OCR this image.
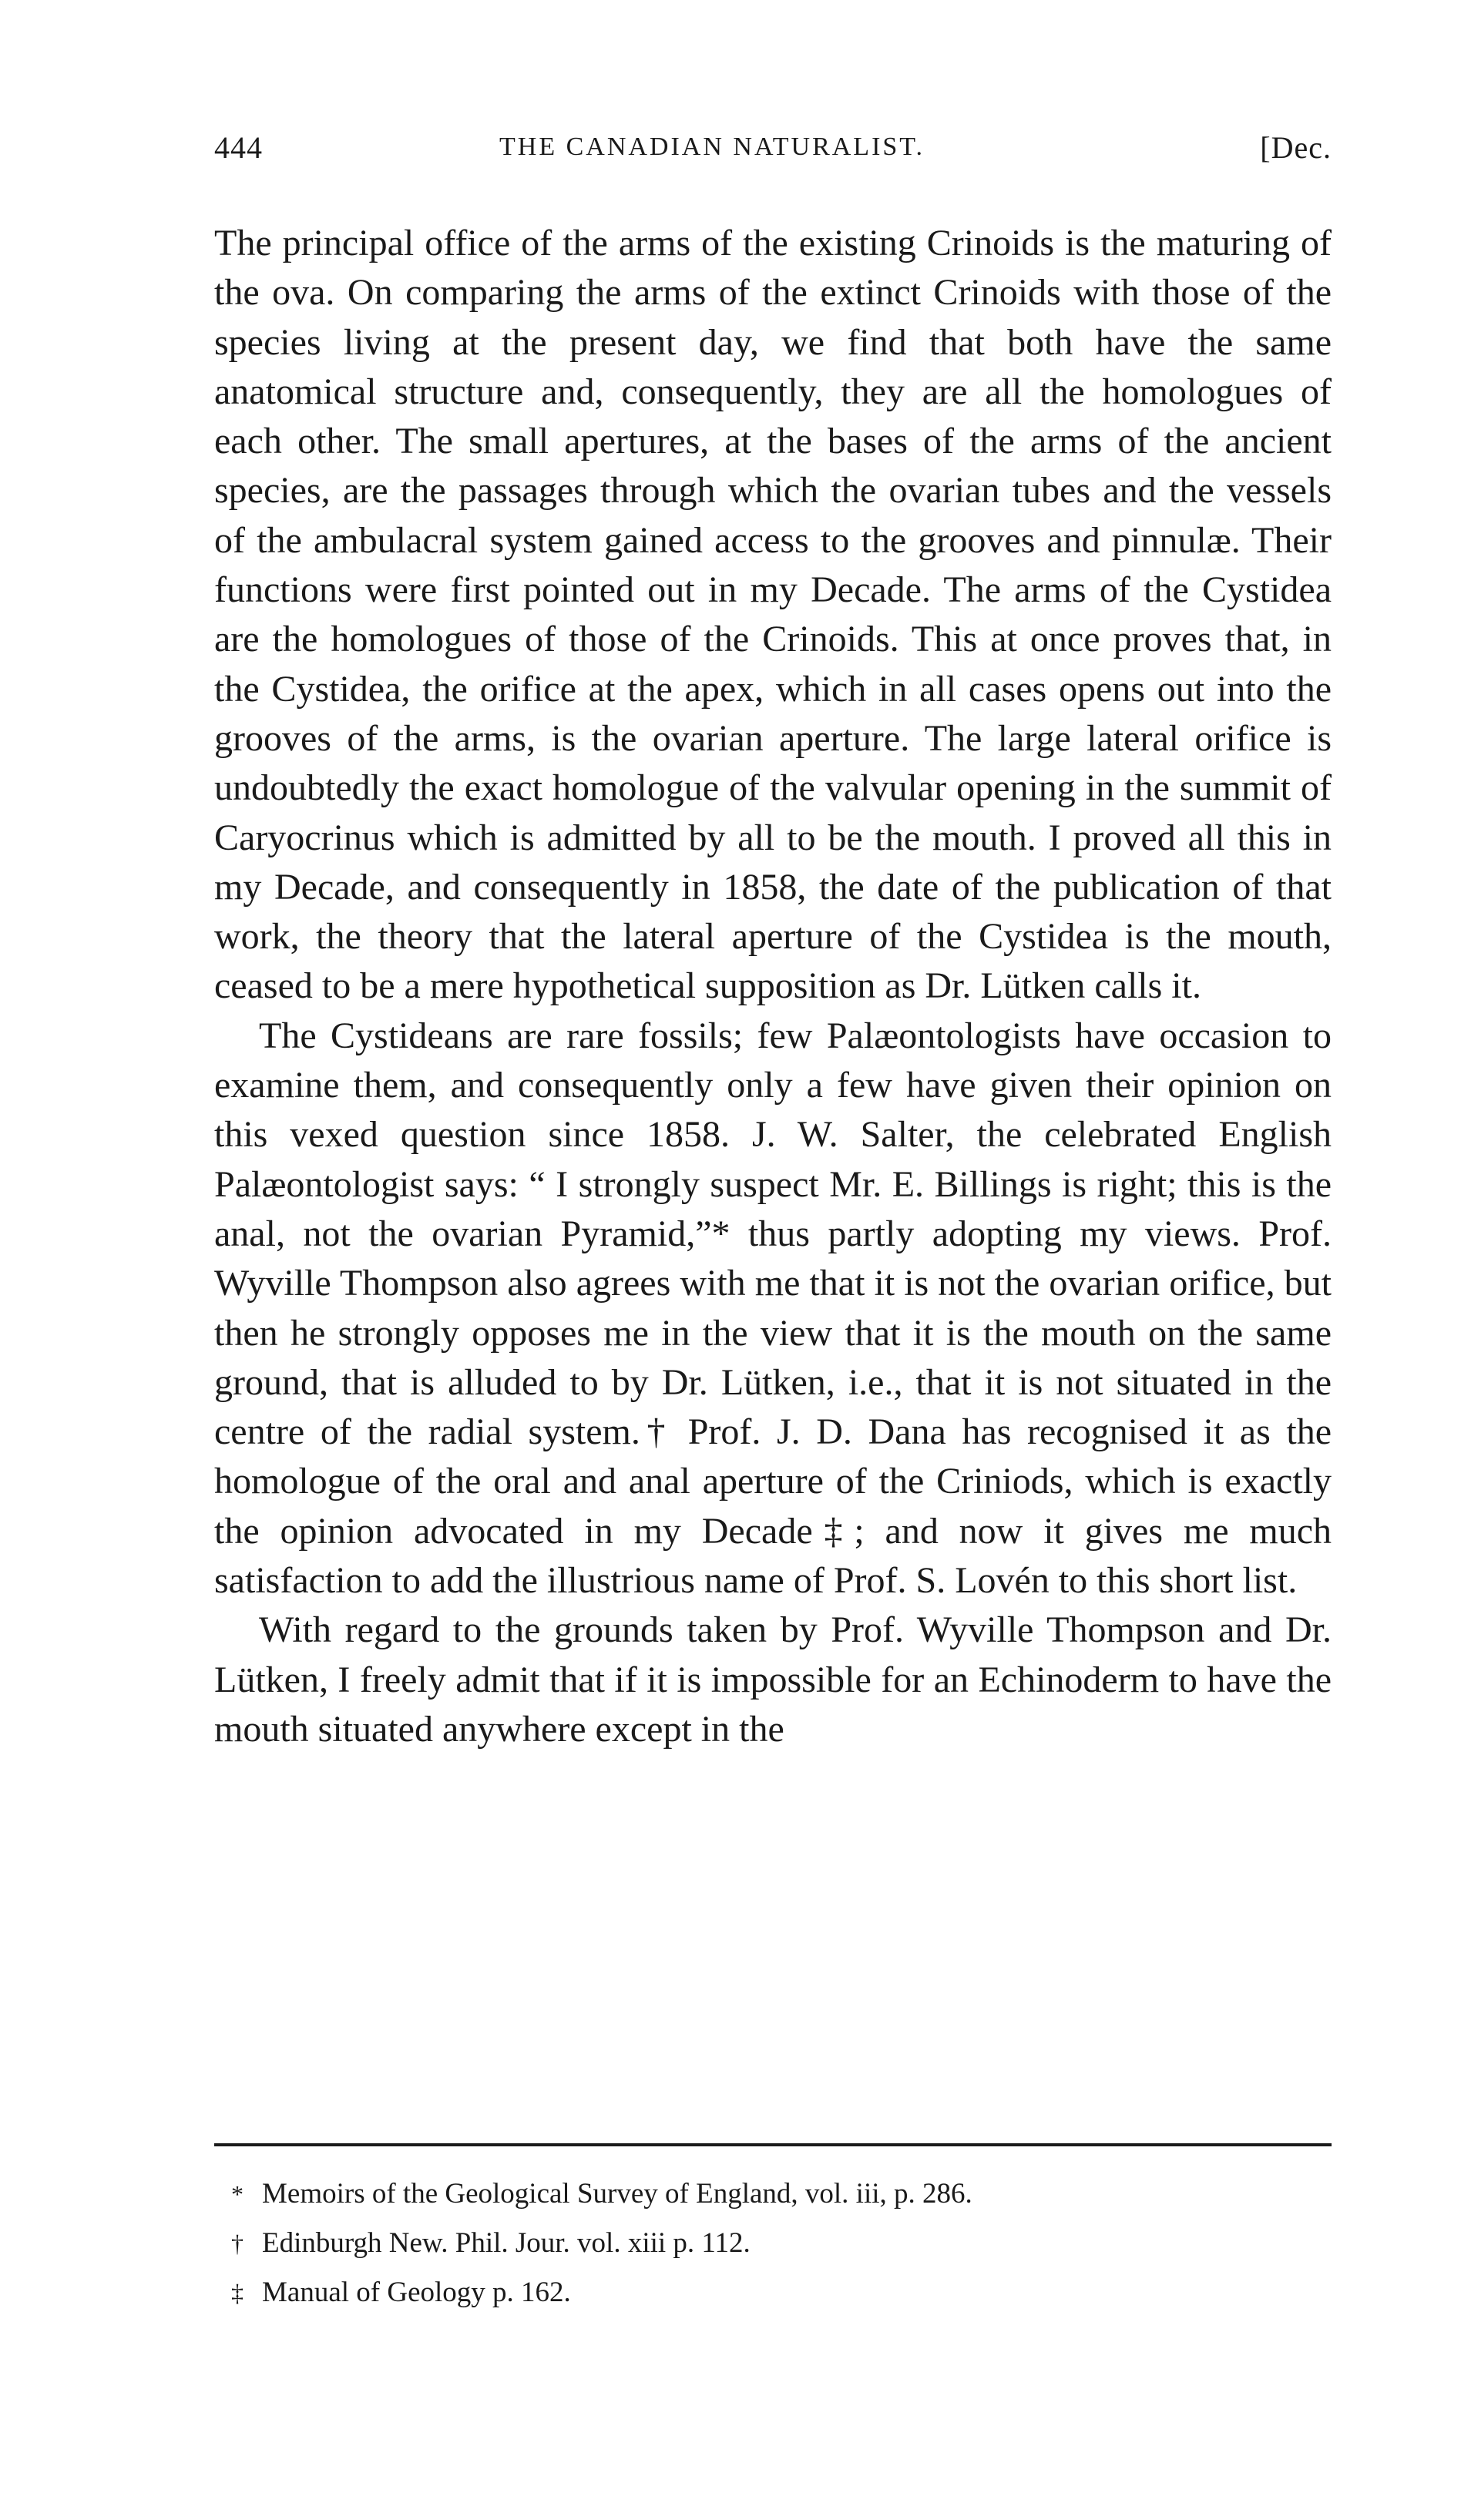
444	THE CANADIAN NATURALIST.	[Dec.

The principal office of the arms of the existing Crinoids is the maturing of the ova. On comparing the arms of the extinct Crinoids with those of the species living at the present day, we find that both have the same anatomical structure and, consequently, they are all the homologues of each other. The small apertures, at the bases of the arms of the ancient species, are the passages through which the ovarian tubes and the vessels of the ambulacral system gained access to the grooves and pinnulæ. Their functions were first pointed out in my Decade. The arms of the Cystidea are the homologues of those of the Crinoids. This at once proves that, in the Cystidea, the orifice at the apex, which in all cases opens out into the grooves of the arms, is the ovarian aperture. The large lateral orifice is undoubtedly the exact homologue of the valvular opening in the summit of Caryocrinus which is admitted by all to be the mouth. I proved all this in my Decade, and consequently in 1858, the date of the publication of that work, the theory that the lateral aperture of the Cystidea is the mouth, ceased to be a mere hypothetical supposition as Dr. Lütken calls it.

The Cystideans are rare fossils; few Palæontologists have occasion to examine them, and consequently only a few have given their opinion on this vexed question since 1858. J. W. Salter, the celebrated English Palæontologist says: “ I strongly suspect Mr. E. Billings is right; this is the anal, not the ovarian Pyramid,”* thus partly adopting my views. Prof. Wyville Thompson also agrees with me that it is not the ovarian orifice, but then he strongly opposes me in the view that it is the mouth on the same ground, that is alluded to by Dr. Lütken, i.e., that it is not situated in the centre of the radial system.† Prof. J. D. Dana has recognised it as the homologue of the oral and anal aperture of the Criniods, which is exactly the opinion advocated in my Decade‡; and now it gives me much satisfaction to add the illustrious name of Prof. S. Lovén to this short list.

With regard to the grounds taken by Prof. Wyville Thompson and Dr. Lütken, I freely admit that if it is impossible for an Echinoderm to have the mouth situated anywhere except in the

* Memoirs of the Geological Survey of England, vol. iii, p. 286.
† Edinburgh New. Phil. Jour. vol. xiii p. 112.
‡ Manual of Geology p. 162.
